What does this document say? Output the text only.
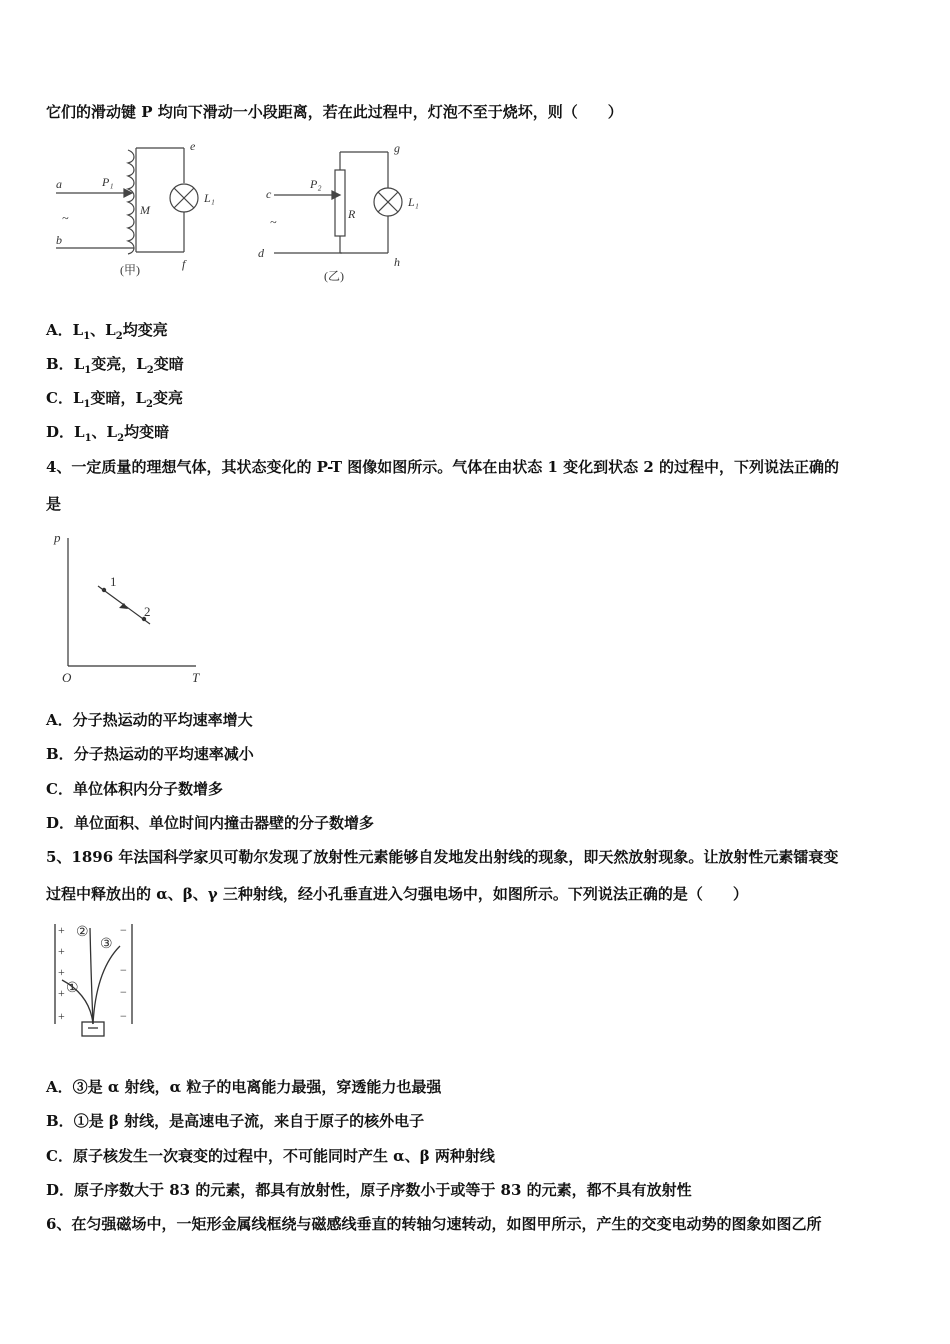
它们的滑动键 P 均向下滑动一小段距离，若在此过程中，灯泡不至于烧坏，则（　　）
a
b
~
P₁
M
e
L₁
f
(甲)
c
d
~
P₂
R
g
L₁
h
(乙)
A．$L_1$、$L_2$均变亮
B．$L_1$变亮，$L_2$变暗
C．$L_1$变暗，$L_2$变亮
D．$L_1$、$L_2$均变暗
4、一定质量的理想气体，其状态变化的 P-T 图像如图所示。气体在由状态 1 变化到状态 2 的过程中，下列说法正确的
是
p
T
O
1
2
A．分子热运动的平均速率增大
B．分子热运动的平均速率减小
C．单位体积内分子数增多
D．单位面积、单位时间内撞击器壁的分子数增多
5、1896 年法国科学家贝可勒尔发现了放射性元素能够自发地发出射线的现象，即天然放射现象。让放射性元素镭衰变
过程中释放出的 α、β、γ 三种射线，经小孔垂直进入匀强电场中，如图所示。下列说法正确的是（　　）
+
+
+
+
+
−
−
−
−
①
②
③
A．③是 α 射线，α 粒子的电离能力最强，穿透能力也最强
B．①是 β 射线，是高速电子流，来自于原子的核外电子
C．原子核发生一次衰变的过程中，不可能同时产生 α、β 两种射线
D．原子序数大于 83 的元素，都具有放射性，原子序数小于或等于 83 的元素，都不具有放射性
6、在匀强磁场中，一矩形金属线框绕与磁感线垂直的转轴匀速转动，如图甲所示，产生的交变电动势的图象如图乙所
